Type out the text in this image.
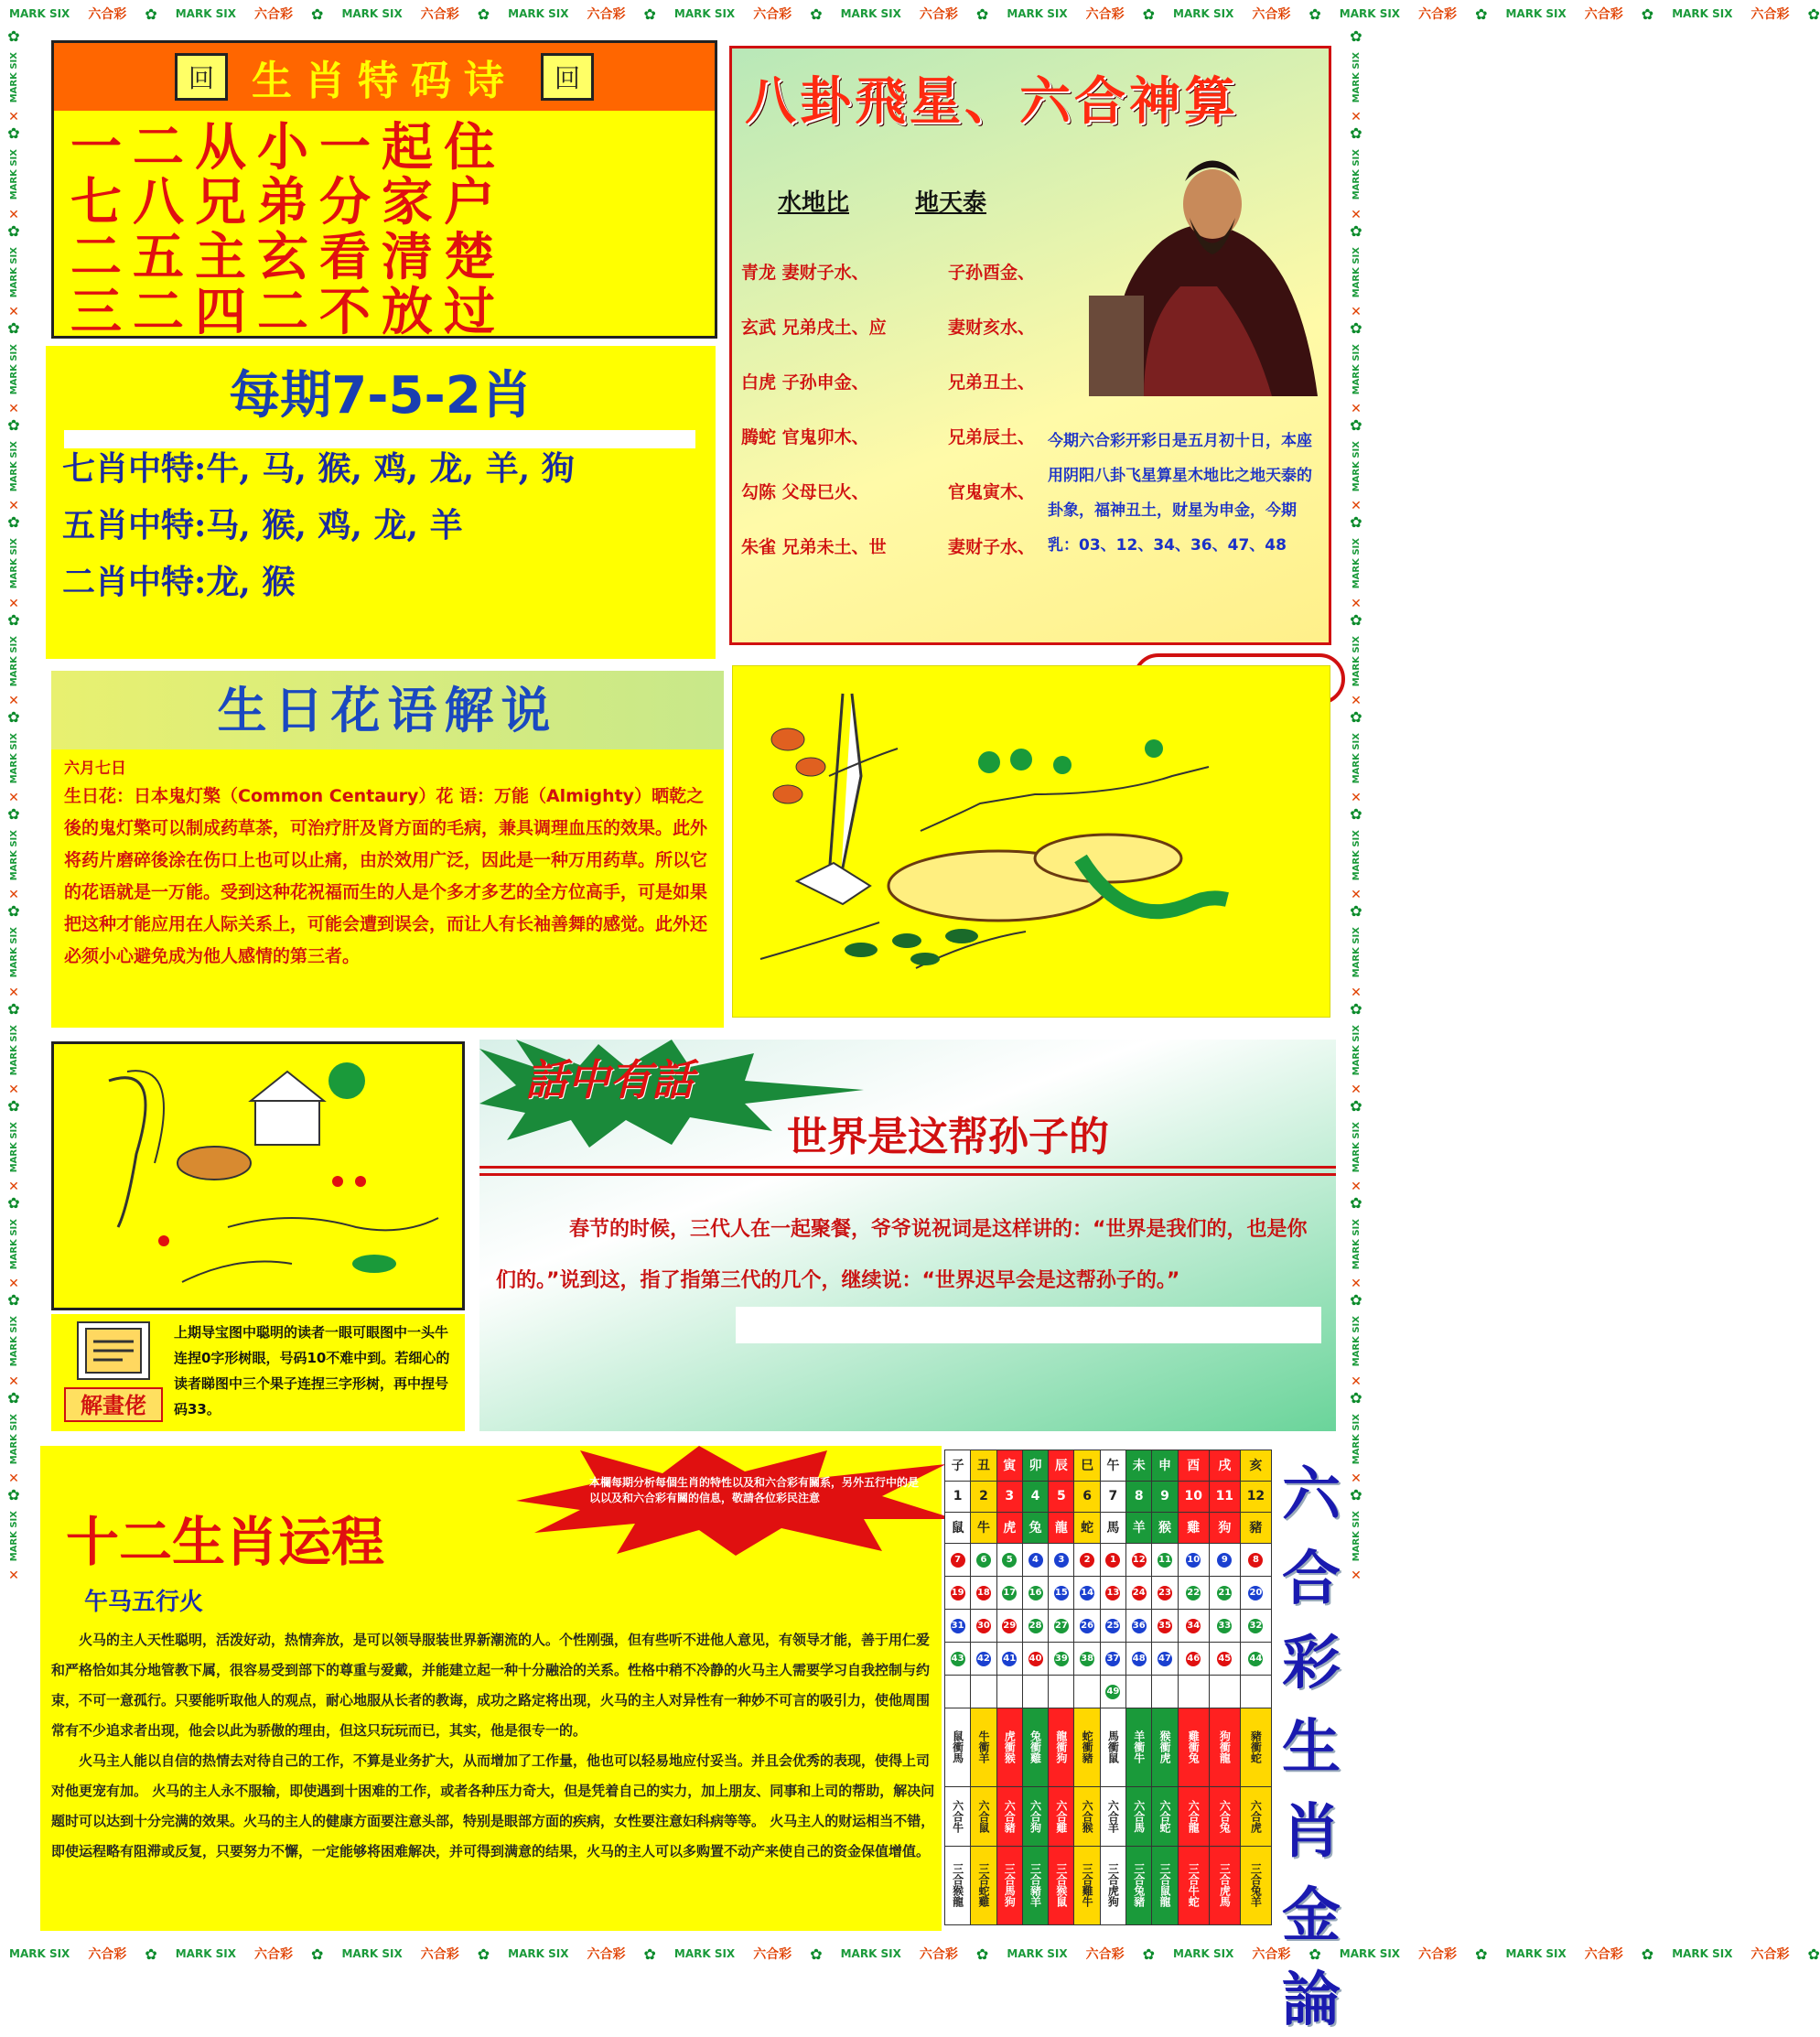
MARK SIX 六合彩 ✿ MARK SIX 六合彩 ✿ MARK SIX 六合彩 ✿ MARK SIX 六合彩 ✿ MARK SIX 六合彩 ✿ MARK SIX 六合彩 ✿ MARK SIX 六合彩 ✿ MARK SIX 六合彩 ✿ MARK SIX 六合彩 ✿ MARK SIX 六合彩 ✿ MARK SIX 六合彩 ✿
MARK SIX 六合彩 ✿ MARK SIX 六合彩 ✿ MARK SIX 六合彩 ✿ MARK SIX 六合彩 ✿ MARK SIX 六合彩 ✿ MARK SIX 六合彩 ✿ MARK SIX 六合彩 ✿ MARK SIX 六合彩 ✿ MARK SIX 六合彩 ✿ MARK SIX 六合彩 ✿ MARK SIX 六合彩 ✿
✿
MARK SIX
✕
✿
MARK SIX
✕
✿
MARK SIX
✕
✿
MARK SIX
✕
✿
MARK SIX
✕
✿
MARK SIX
✕
✿
MARK SIX
✕
✿
MARK SIX
✕
✿
MARK SIX
✕
✿
MARK SIX
✕
✿
MARK SIX
✕
✿
MARK SIX
✕
✿
MARK SIX
✕
✿
MARK SIX
✕
✿
MARK SIX
✕
✿
MARK SIX
✕
✿
MARK SIX
✕
✿
MARK SIX
✕
✿
MARK SIX
✕
✿
MARK SIX
✕
✿
MARK SIX
✕
✿
MARK SIX
✕
✿
MARK SIX
✕
✿
MARK SIX
✕
✿
MARK SIX
✕
✿
MARK SIX
✕
✿
MARK SIX
✕
✿
MARK SIX
✕
✿
MARK SIX
✕
✿
MARK SIX
✕
✿
MARK SIX
✕
✿
MARK SIX
✕
回 生肖特码诗	回
一二从小一起住
七八兄弟分家户
二五主玄看清楚
三二四二不放过
每期7-5-2肖
七肖中特:牛, 马, 猴, 鸡, 龙, 羊, 狗
五肖中特:马, 猴, 鸡, 龙, 羊
二肖中特:龙, 猴
八卦飛星、六合神算
水地比	地天泰
青龙 妻财子水、	子孙酉金、
玄武 兄弟戌土、应	妻财亥水、
白虎 子孙申金、	兄弟丑土、
腾蛇 官鬼卯木、	兄弟辰土、
勾陈 父母巳火、	官鬼寅木、
朱雀 兄弟未土、世	妻财子水、
今期六合彩开彩日是五月初十日，本座用阴阳八卦飞星算星木地比之地天泰的卦象，福神丑土，财星为申金，今期乳：03、12、34、36、47、48
生日花语解说
六月七日
生日花：日本鬼灯檠（Common Centaury）花 语：万能（Almighty）晒乾之後的鬼灯檠可以制成药草茶，可治疗肝及肾方面的毛病，兼具调理血压的效果。此外将药片磨碎後涂在伤口上也可以止痛，由於效用广泛，因此是一种万用药草。所以它的花语就是一万能。受到这种花祝福而生的人是个多才多艺的全方位高手，可是如果把这种才能应用在人际关系上，可能会遭到误会，而让人有长袖善舞的感觉。此外还必须小心避免成为他人感情的第三者。
解畫佬
上期导宝图中聪明的读者一眼可眼图中一头牛连捏0字形树眼，号码10不难中到。若细心的读者睇图中三个果子连捏三字形树，再中捏号码33。
話中有話
世界是这帮孙子的
春节的时候，三代人在一起聚餐，爷爷说祝词是这样讲的：“世界是我们的，也是你们的。”说到这，指了指第三代的几个，继续说：“世界迟早会是这帮孙子的。”
本欄每期分析每個生肖的特性以及和六合彩有關系，另外五行中的是以以及和六合彩有關的信息，敬請各位彩民注意
十二生肖运程
午马五行火
火马的主人天性聪明，活泼好动，热情奔放，是可以领导服装世界新潮流的人。个性刚强，但有些听不进他人意见，有领导才能，善于用仁爱和严格恰如其分地管教下属，很容易受到部下的尊重与爱戴，并能建立起一种十分融洽的关系。性格中稍不冷静的火马主人需要学习自我控制与约束，不可一意孤行。只要能听取他人的观点，耐心地服从长者的教诲，成功之路定将出现，火马的主人对异性有一种妙不可言的吸引力，使他周围常有不少追求者出现，他会以此为骄傲的理由，但这只玩玩而已，其实，他是很专一的。
火马主人能以自信的热情去对待自己的工作，不算是业务扩大，从而增加了工作量，他也可以轻易地应付妥当。并且会优秀的表现，使得上司对他更宠有加。 火马的主人永不服输，即使遇到十困难的工作，或者各种压力奇大，但是凭着自己的实力，加上朋友、同事和上司的帮助，解决问题时可以达到十分完满的效果。火马的主人的健康方面要注意头部，特别是眼部方面的疾病，女性要注意妇科病等等。 火马主人的财运相当不错，即使运程略有阻滞或反复，只要努力不懈，一定能够将困难解决，并可得到满意的结果，火马的主人可以多购置不动产来使自己的资金保值增值。
子	丑	寅	卯	辰	巳	午	未	申	酉	戌	亥
1	2	3	4	5	6	7	8	9	10	11	12
鼠	牛	虎	兔	龍	蛇	馬	羊	猴	雞	狗	豬
7	6	5	4	3	2	1	12	11	10	9	8
19	18	17	16	15	14	13	24	23	22	21	20
31	30	29	28	27	26	25	36	35	34	33	32
43	42	41	40	39	38	37	48	47	46	45	44
						49					

鼠衝馬	牛衝羊	虎衝猴	兔衝雞	龍衝狗	蛇衝豬	馬衝鼠	羊衝牛	猴衝虎	雞衝兔	狗衝龍	豬衝蛇

六合牛	六合鼠	六合豬	六合狗	六合雞	六合猴	六合羊	六合馬	六合蛇	六合龍	六合兔	六合虎

三合猴龍	三合蛇雞	三合馬狗	三合豬羊	三合猴鼠	三合雞牛	三合虎狗	三合兔豬	三合鼠龍	三合牛蛇	三合虎馬	三合兔羊
六
合
彩
生
肖
金
論
